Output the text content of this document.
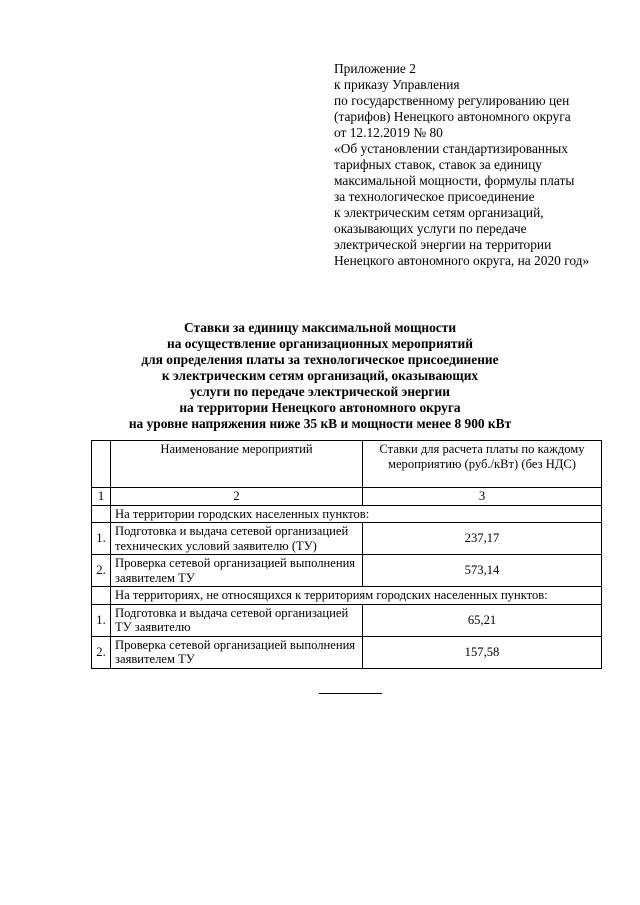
Приложение 2
к приказу Управления
по государственному регулированию цен
(тарифов) Ненецкого автономного округа
от 12.12.2019 № 80
«Об установлении стандартизированных
тарифных ставок, ставок за единицу
максимальной мощности, формулы платы
за технологическое присоединение
к электрическим сетям организаций,
оказывающих услуги по передаче
электрической энергии на территории
Ненецкого автономного округа, на 2020 год»
Ставки за единицу максимальной мощности
на осуществление организационных мероприятий
для определения платы за технологическое присоединение
к электрическим сетям организаций, оказывающих
услуги по передаче электрической энергии
на территории Ненецкого автономного округа
на уровне напряжения ниже 35 кВ и мощности менее 8 900 кВт
	Наименование мероприятий	Ставки для расчета платы по каждому мероприятию (руб./кВт) (без НДС)
1	2	3
	На территории городских населенных пунктов:	
1.	Подготовка и выдача сетевой организацией технических условий заявителю (ТУ)	237,17
2.	Проверка сетевой организацией выполнения заявителем ТУ	573,14
	На территориях, не относящихся к территориям городских населенных пунктов:	
1.	Подготовка и выдача сетевой организацией ТУ заявителю	65,21
2.	Проверка сетевой организацией выполнения заявителем ТУ	157,58
